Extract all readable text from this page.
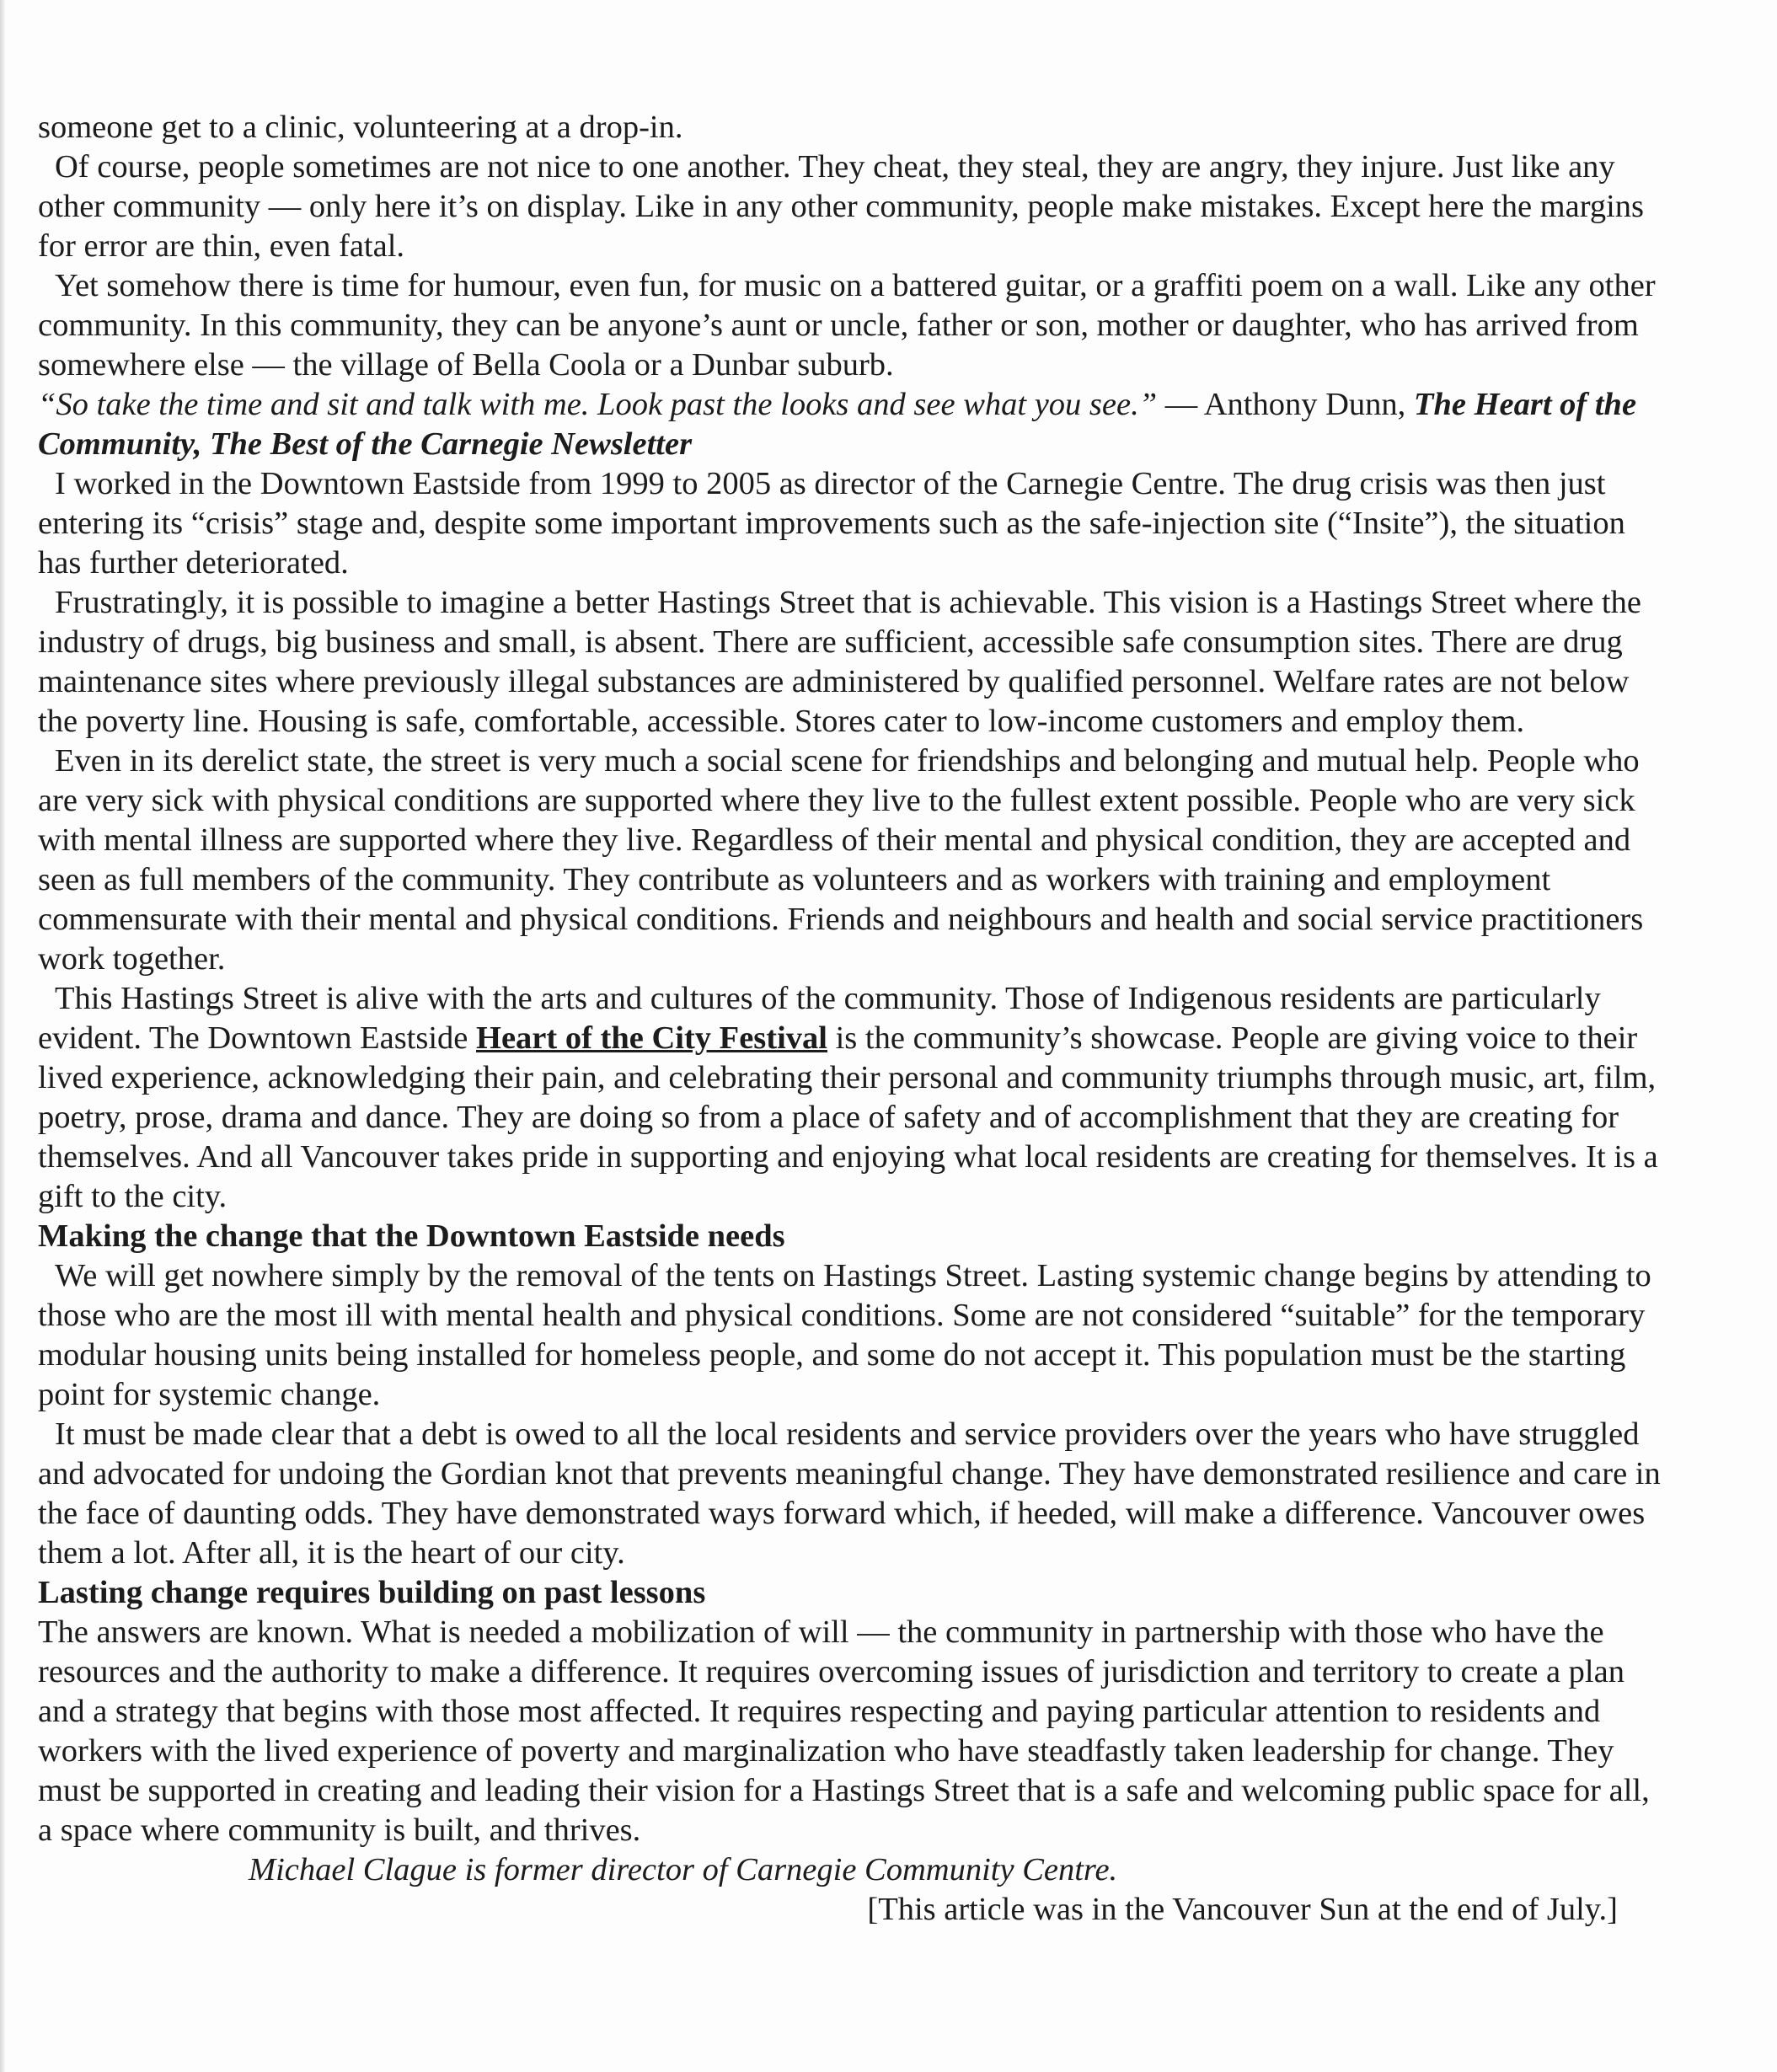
someone get to a clinic, volunteering at a drop-in.

Of course, people sometimes are not nice to one another. They cheat, they steal, they are angry, they injure. Just like any other community — only here it’s on display. Like in any other community, people make mistakes. Except here the margins for error are thin, even fatal.

Yet somehow there is time for humour, even fun, for music on a battered guitar, or a graffiti poem on a wall. Like any other community. In this community, they can be anyone’s aunt or uncle, father or son, mother or daughter, who has arrived from somewhere else — the village of Bella Coola or a Dunbar suburb.

“So take the time and sit and talk with me. Look past the looks and see what you see.” — Anthony Dunn, The Heart of the Community, The Best of the Carnegie Newsletter

I worked in the Downtown Eastside from 1999 to 2005 as director of the Carnegie Centre. The drug crisis was then just entering its “crisis” stage and, despite some important improvements such as the safe-injection site (“Insite”), the situation has further deteriorated.

Frustratingly, it is possible to imagine a better Hastings Street that is achievable. This vision is a Hastings Street where the industry of drugs, big business and small, is absent. There are sufficient, accessible safe consumption sites. There are drug maintenance sites where previously illegal substances are administered by qualified personnel. Welfare rates are not below the poverty line. Housing is safe, comfortable, accessible. Stores cater to low-income customers and employ them.

Even in its derelict state, the street is very much a social scene for friendships and belonging and mutual help. People who are very sick with physical conditions are supported where they live to the fullest extent possible. People who are very sick with mental illness are supported where they live. Regardless of their mental and physical condition, they are accepted and seen as full members of the community. They contribute as volunteers and as workers with training and employment commensurate with their mental and physical conditions. Friends and neighbours and health and social service practitioners work together.

This Hastings Street is alive with the arts and cultures of the community. Those of Indigenous residents are particularly evident. The Downtown Eastside Heart of the City Festival is the community’s showcase. People are giving voice to their lived experience, acknowledging their pain, and celebrating their personal and community triumphs through music, art, film, poetry, prose, drama and dance. They are doing so from a place of safety and of accomplishment that they are creating for themselves. And all Vancouver takes pride in supporting and enjoying what local residents are creating for themselves. It is a gift to the city.

Making the change that the Downtown Eastside needs

We will get nowhere simply by the removal of the tents on Hastings Street. Lasting systemic change begins by attending to those who are the most ill with mental health and physical conditions. Some are not considered “suitable” for the temporary modular housing units being installed for homeless people, and some do not accept it. This population must be the starting point for systemic change.

It must be made clear that a debt is owed to all the local residents and service providers over the years who have struggled and advocated for undoing the Gordian knot that prevents meaningful change. They have demonstrated resilience and care in the face of daunting odds. They have demonstrated ways forward which, if heeded, will make a difference. Vancouver owes them a lot. After all, it is the heart of our city.

Lasting change requires building on past lessons

The answers are known. What is needed a mobilization of will — the community in partnership with those who have the resources and the authority to make a difference. It requires overcoming issues of jurisdiction and territory to create a plan and a strategy that begins with those most affected. It requires respecting and paying particular attention to residents and workers with the lived experience of poverty and marginalization who have steadfastly taken leadership for change. They must be supported in creating and leading their vision for a Hastings Street that is a safe and welcoming public space for all, a space where community is built, and thrives.

Michael Clague is former director of Carnegie Community Centre.

[This article was in the Vancouver Sun at the end of July.]
